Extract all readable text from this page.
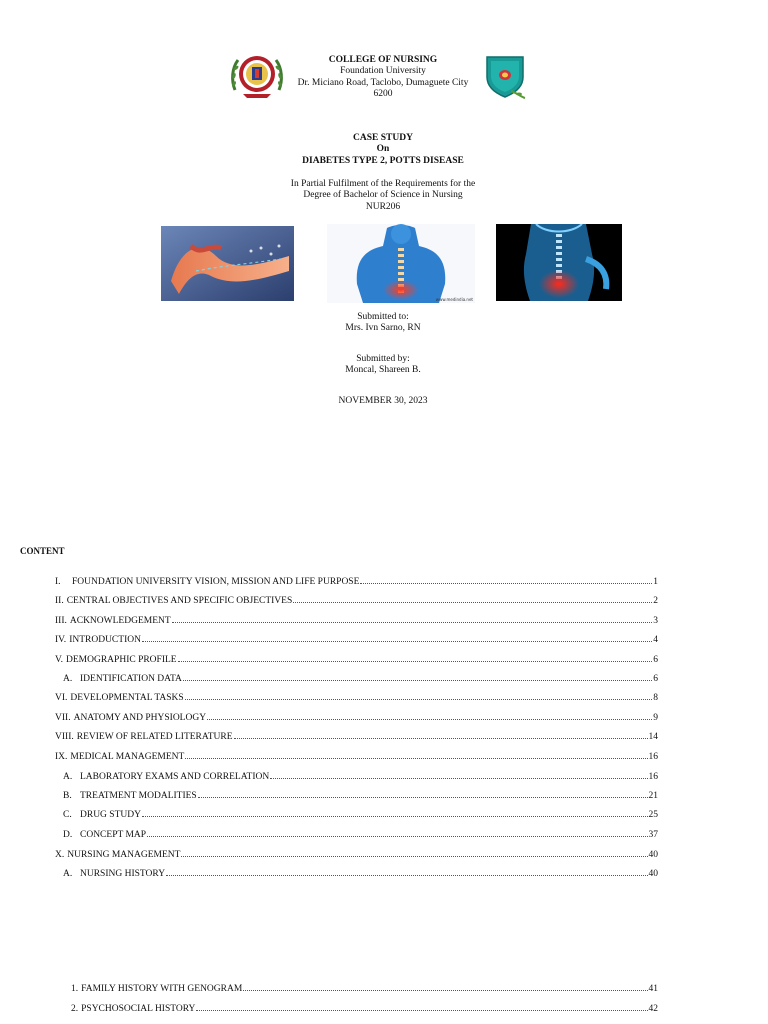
COLLEGE OF NURSING
Foundation University
Dr. Miciano Road, Taclobo, Dumaguete City
6200
CASE STUDY
On
DIABETES TYPE 2, POTTS DISEASE
In Partial Fulfilment of the Requirements for the
Degree of Bachelor of Science in Nursing
NUR206
www.medindia.net
Submitted to:
Mrs. Ivn Sarno, RN
Submitted by:
Moncal, Shareen B.
NOVEMBER 30, 2023
CONTENT
I. FOUNDATION UNIVERSITY VISION, MISSION AND LIFE PURPOSE	1
II. CENTRAL OBJECTIVES AND SPECIFIC OBJECTIVES	2
III. ACKNOWLEDGEMENT	3
IV. INTRODUCTION	4
V. DEMOGRAPHIC PROFILE	6
A. IDENTIFICATION DATA	6
VI. DEVELOPMENTAL TASKS	8
VII. ANATOMY AND PHYSIOLOGY	9
VIII. REVIEW OF RELATED LITERATURE	14
IX. MEDICAL MANAGEMENT	16
A. LABORATORY EXAMS AND CORRELATION	16
B. TREATMENT MODALITIES	21
C. DRUG STUDY	25
D. CONCEPT MAP	37
X. NURSING MANAGEMENT	40
A. NURSING HISTORY	40
1. FAMILY HISTORY WITH GENOGRAM	41
2. PSYCHOSOCIAL HISTORY	42
